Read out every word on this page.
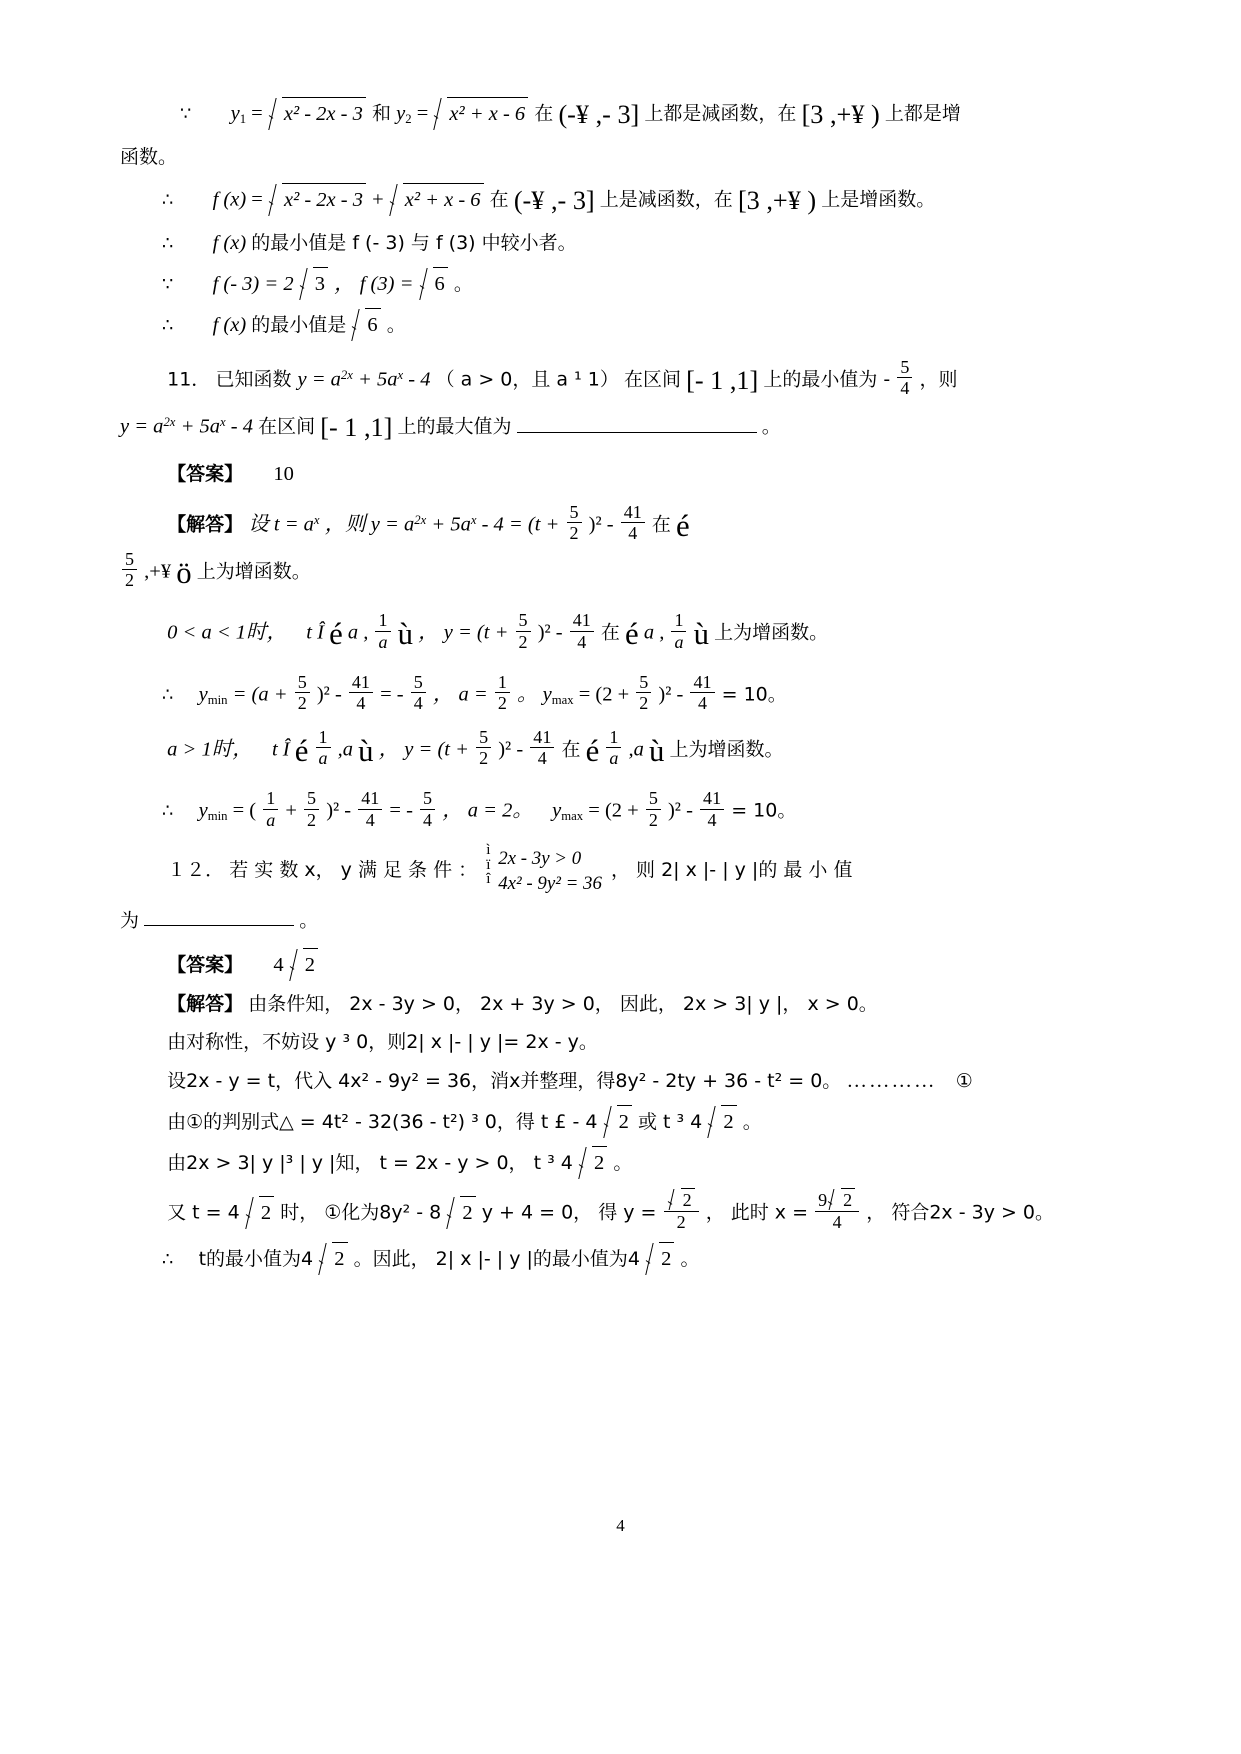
∵ $y_1 = x^2 - 2x - 3$ 和 $y_2 = x^2 + x - 6$ 在 (-¥ ,- 3] 上都是减函数，在 [3 ,+¥ ) 上都是增
函数。
∴ f (x) = x² - 2x - 3 + x² + x - 6 在 (-¥ ,- 3] 上是减函数，在 [3 ,+¥ ) 上是增函数。
∴ f (x) 的最小值是 f (- 3) 与 f (3) 中较小者。
∵ f (- 3) = 2 3 ， f (3) = 6 。
∴ f (x) 的最小值是 6 。
11． 已知函数 $y = a^{2x} + 5a^x - 4$ （ a > 0，且 a ¹ 1） 在区间 [- 1 ,1] 上的最小值为 - $\frac{5}{4}$ ，则
$y = a^{2x} + 5a^x - 4$ 在区间 [- 1 ,1] 上的最大值为	。
【答案】 10
【解答】 设 $t = a^x$ ，则 $y = a^{2x} + 5a^x - 4 = (t + \frac{5}{2} )^2 - \frac{41}{4}$ 在 é

$\frac{5}{2}$ ,+¥ ö 上为增函数。
0 < a < 1时， t Î é a , $\frac{1}{a}$ ù ， $y = (t + \frac{5}{2} )^2 - \frac{41}{4}$ 在 é a , $\frac{1}{a}$ ù 上为增函数。
∴ $y_{min} = (a + \frac{5}{2} )^2 - \frac{41}{4}$ = - $\frac{5}{4}$ ， $a = \frac{1}{2}$ 。 $y_{max} = (2 + \frac{5}{2} )^2 - \frac{41}{4} = 10$。
a > 1时， t Î é $\frac{1}{a} ,a$ ù ， $y = (t + \frac{5}{2} )^2 - \frac{41}{4}$ 在 é $\frac{1}{a} ,a$ ù 上为增函数。
∴ $y_{min}$ = ( $\frac{1}{a} + \frac{5}{2} )^2 - \frac{41}{4}$ = - $\frac{5}{4}$ ， a = 2。 $y_{max} = (2 + \frac{5}{2} )^2 - \frac{41}{4} = 10$。
１２． 若 实 数 x， y 满 足 条 件 ：
ì ï î 2x - 3y > 0
4x² - 9y² = 36
， 则 2| x |- | y |的 最 小 值
为	。
【答案】 4 2
【解答】 由条件知， 2x - 3y > 0， 2x + 3y > 0， 因此， 2x > 3| y |， x > 0。
由对称性，不妨设 y ³ 0，则2| x |- | y |= 2x - y。
设2x - y = t，代入 4x² - 9y² = 36，消x并整理，得8y² - 2ty + 36 - t² = 0。 ………… ①
由①的判别式△ = 4t² - 32(36 - t²) ³ 0，得 t £ - 4 2 或 t ³ 4 2 。
由2x > 3| y |³ | y |知， t = 2x - y > 0， t ³ 4 2 。
又 t = 4 2 时， ①化为8y² - 8 2 y + 4 = 0， 得 $y = \frac{2}{2}$ ， 此时 $x = \frac{9 2}{4}$ ， 符合2x - 3y > 0。
∴ t的最小值为4 2 。因此， 2| x |- | y |的最小值为4 2 。
4
